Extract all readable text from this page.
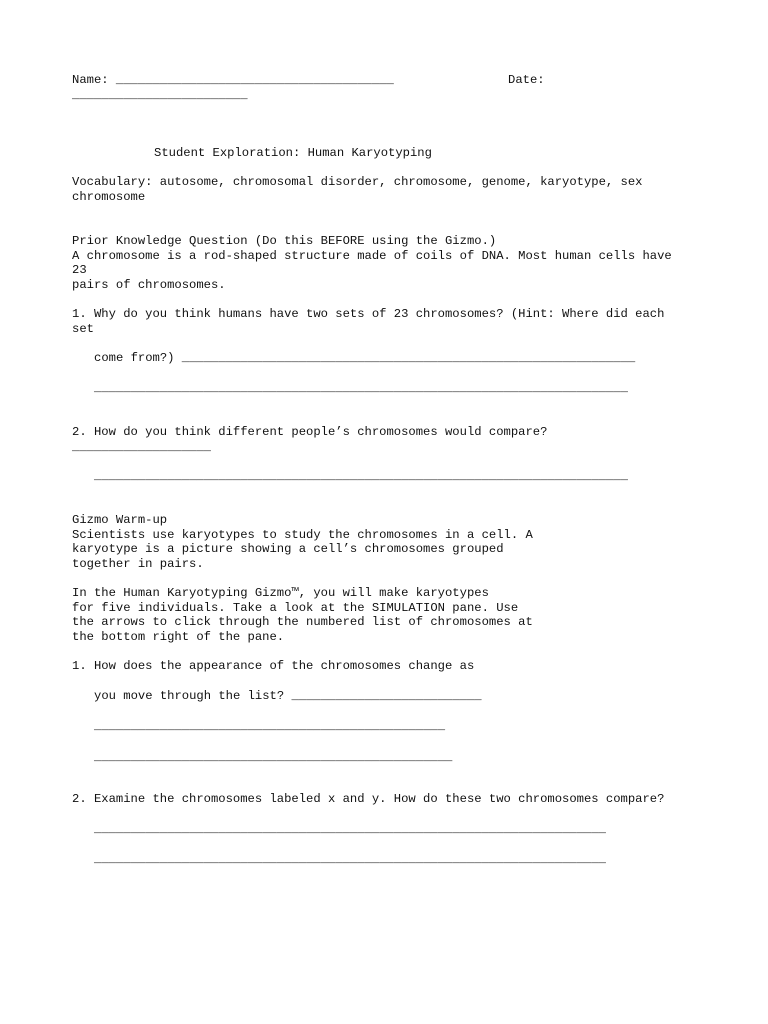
Name: ______________________________________	Date:
________________________
Student Exploration: Human Karyotyping
Vocabulary: autosome, chromosomal disorder, chromosome, genome, karyotype, sex
chromosome
Prior Knowledge Question (Do this BEFORE using the Gizmo.)
A chromosome is a rod-shaped structure made of coils of DNA. Most human cells have
23
pairs of chromosomes.
1. Why do you think humans have two sets of 23 chromosomes? (Hint: Where did each
set
come from?) ______________________________________________________________
_________________________________________________________________________
2. How do you think different people’s chromosomes would compare?
___________________
_________________________________________________________________________
Gizmo Warm-up
Scientists use karyotypes to study the chromosomes in a cell. A
karyotype is a picture showing a cell’s chromosomes grouped
together in pairs.
In the Human Karyotyping Gizmo™, you will make karyotypes
for five individuals. Take a look at the SIMULATION pane. Use
the arrows to click through the numbered list of chromosomes at
the bottom right of the pane.
1. How does the appearance of the chromosomes change as
you move through the list? __________________________
________________________________________________
_________________________________________________
2. Examine the chromosomes labeled x and y. How do these two chromosomes compare?
______________________________________________________________________
______________________________________________________________________
